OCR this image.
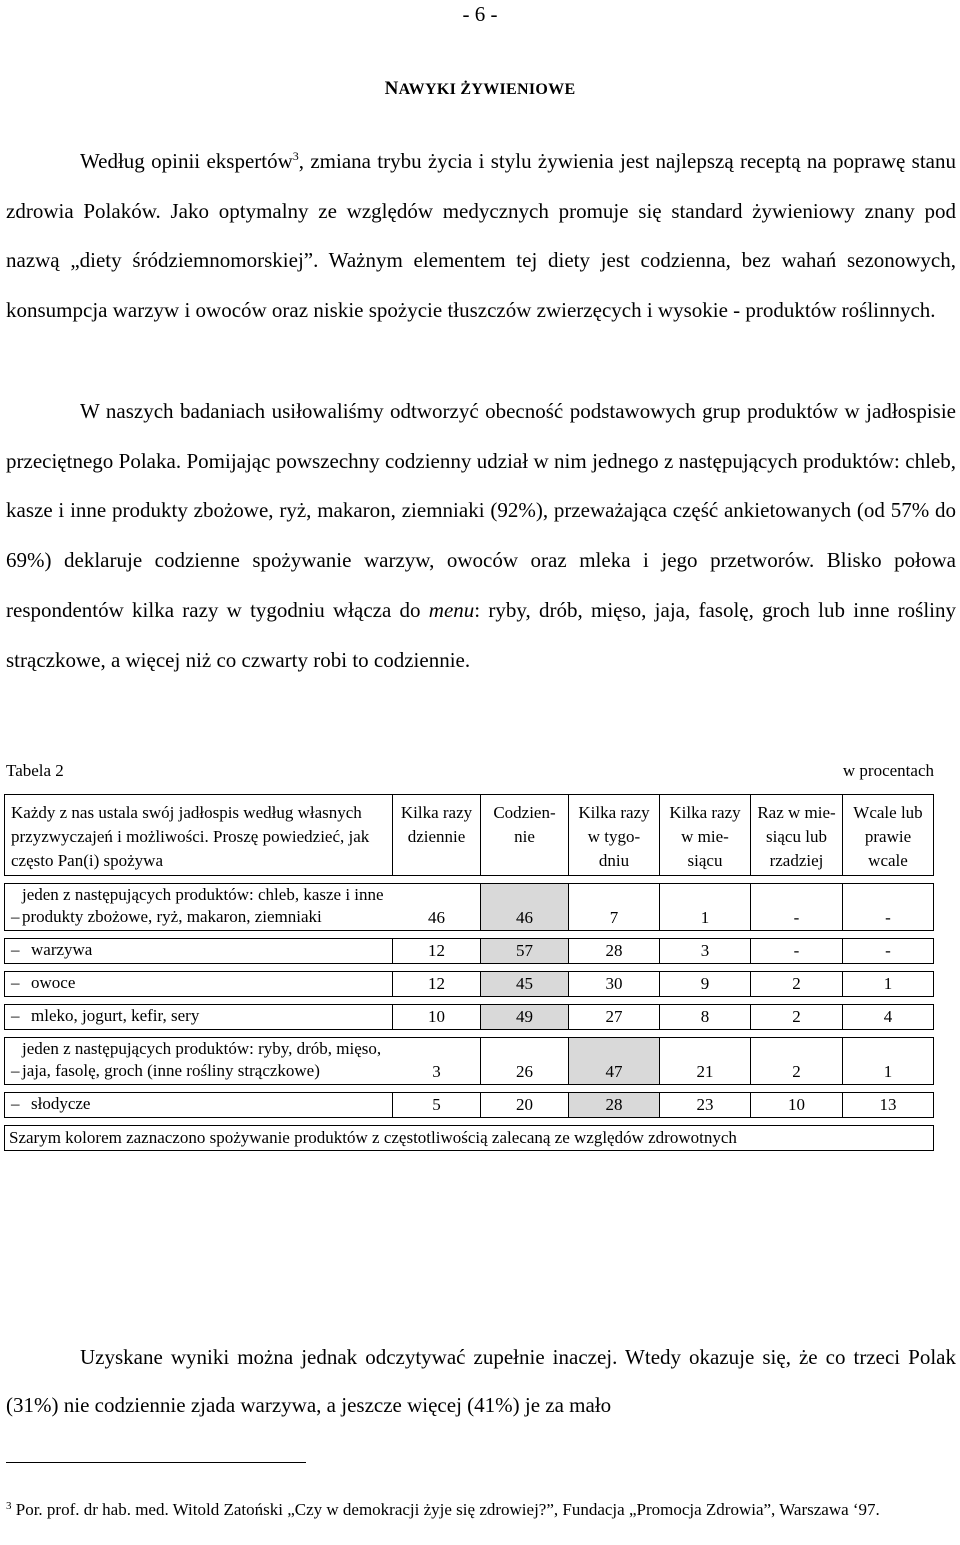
- 6 -
NAWYKI ŻYWIENIOWE

Według opinii ekspertów$^3$, zmiana trybu życia i stylu żywienia jest najlepszą receptą na poprawę stanu zdrowia Polaków. Jako optymalny ze względów medycznych promuje się standard żywieniowy znany pod nazwą „diety śródziemnomorskiej”. Ważnym elementem tej diety jest codzienna, bez wahań sezonowych, konsumpcja warzyw i owoców oraz niskie spożycie tłuszczów zwierzęcych i wysokie - produktów roślinnych.

W naszych badaniach usiłowaliśmy odtworzyć obecność podstawowych grup produktów w jadłospisie przeciętnego Polaka. Pomijając powszechny codzienny udział w nim jednego z następujących produktów: chleb, kasze i inne produkty zbożowe, ryż, makaron, ziemniaki (92%), przeważająca część ankietowanych (od 57% do 69%) deklaruje codzienne spożywanie warzyw, owoców oraz mleka i jego przetworów. Blisko połowa respondentów kilka razy w tygodniu włącza do menu: ryby, drób, mięso, jaja, fasolę, groch lub inne rośliny strączkowe, a więcej niż co czwarty robi to codziennie.

Tabela 2	w procentach
Każdy z nas ustala swój jadłospis według własnych przyzwyczajeń i możliwości. Proszę powiedzieć, jak często Pan(i) spożywa	Kilka razy dziennie	Codzien-nie	Kilka razy w tygo-dniu	Kilka razy w mie-siącu	Raz w mie-siącu lub rzadziej	Wcale lub prawie wcale

–
jeden z następujących produktów: chleb, kasze i inne produkty zbożowe, ryż, makaron, ziemniaki	46	46	7	1	-	-
– warzywa	12	57	28	3	-	-
– owoce	12	45	30	9	2	1
– mleko, jogurt, kefir, sery	10	49	27	8	2	4

–
jeden z następujących produktów: ryby, drób, mięso, jaja, fasolę, groch (inne rośliny strączkowe)	3	26	47	21	2	1
– słodycze	5	20	28	23	10	13
Szarym kolorem zaznaczono spożywanie produktów z częstotliwością zalecaną ze względów zdrowotnych						

Uzyskane wyniki można jednak odczytywać zupełnie inaczej. Wtedy okazuje się, że co trzeci Polak (31%) nie codziennie zjada warzywa, a jeszcze więcej (41%) je za mało

$^3$ Por. prof. dr hab. med. Witold Zatoński „Czy w demokracji żyje się zdrowiej?”, Fundacja „Promocja Zdrowia”, Warszawa ‘97.
